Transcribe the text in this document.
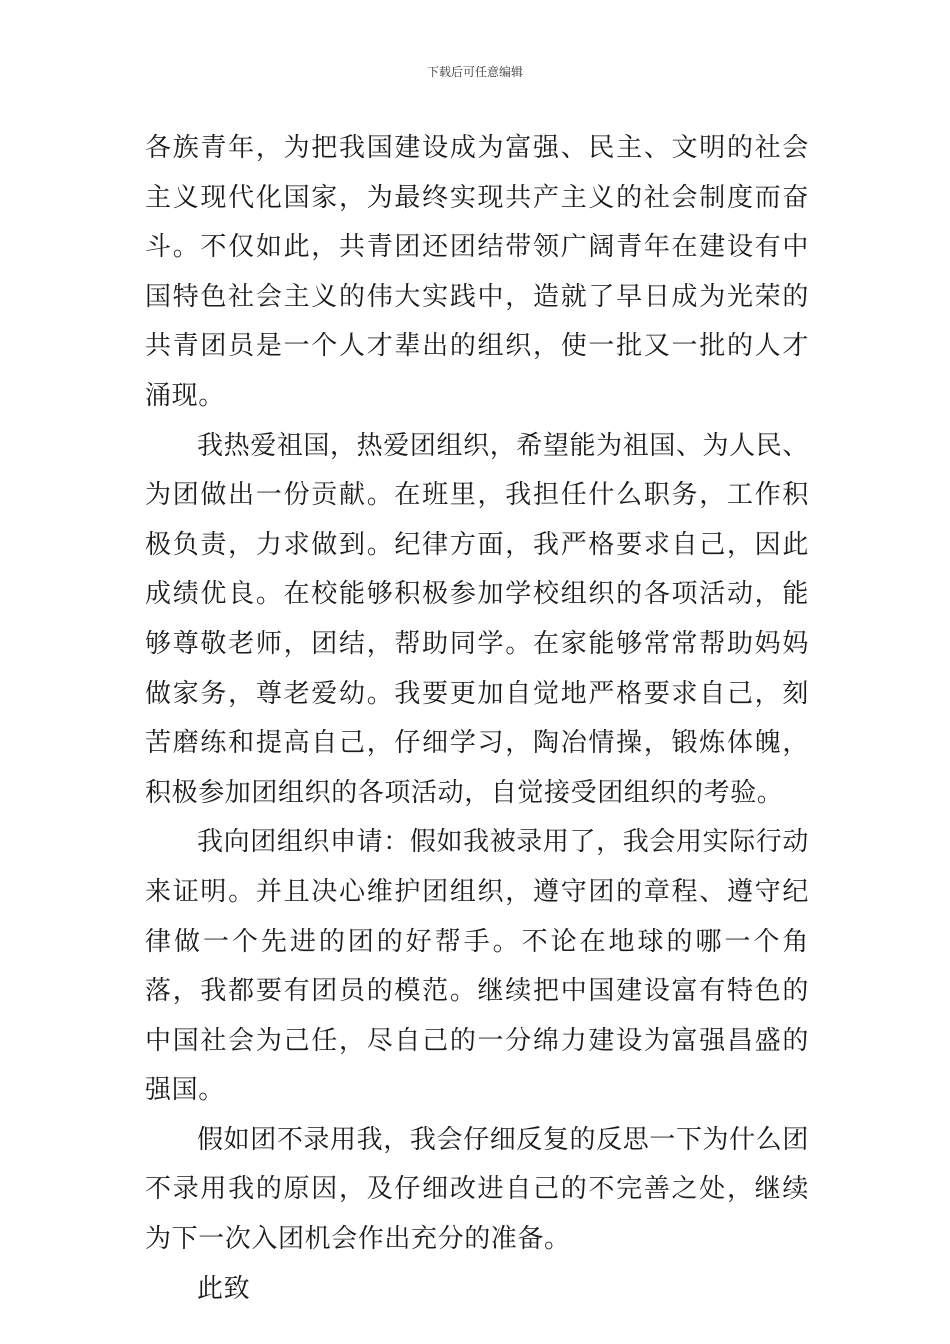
下载后可任意编辑

各族青年，为把我国建设成为富强、民主、文明的社会主义现代化国家，为最终实现共产主义的社会制度而奋斗。不仅如此，共青团还团结带领广阔青年在建设有中国特色社会主义的伟大实践中，造就了早日成为光荣的共青团员是一个人才辈出的组织，使一批又一批的人才涌现。

我热爱祖国，热爱团组织，希望能为祖国、为人民、为团做出一份贡献。在班里，我担任什么职务，工作积极负责，力求做到。纪律方面，我严格要求自己，因此成绩优良。在校能够积极参加学校组织的各项活动，能够尊敬老师，团结，帮助同学。在家能够常常帮助妈妈做家务，尊老爱幼。我要更加自觉地严格要求自己，刻苦磨练和提高自己，仔细学习，陶冶情操，锻炼体魄，积极参加团组织的各项活动，自觉接受团组织的考验。

我向团组织申请：假如我被录用了，我会用实际行动来证明。并且决心维护团组织，遵守团的章程、遵守纪律做一个先进的团的好帮手。不论在地球的哪一个角落，我都要有团员的模范。继续把中国建设富有特色的中国社会为己任，尽自己的一分绵力建设为富强昌盛的强国。

假如团不录用我，我会仔细反复的反思一下为什么团不录用我的原因，及仔细改进自己的不完善之处，继续为下一次入团机会作出充分的准备。

此致
